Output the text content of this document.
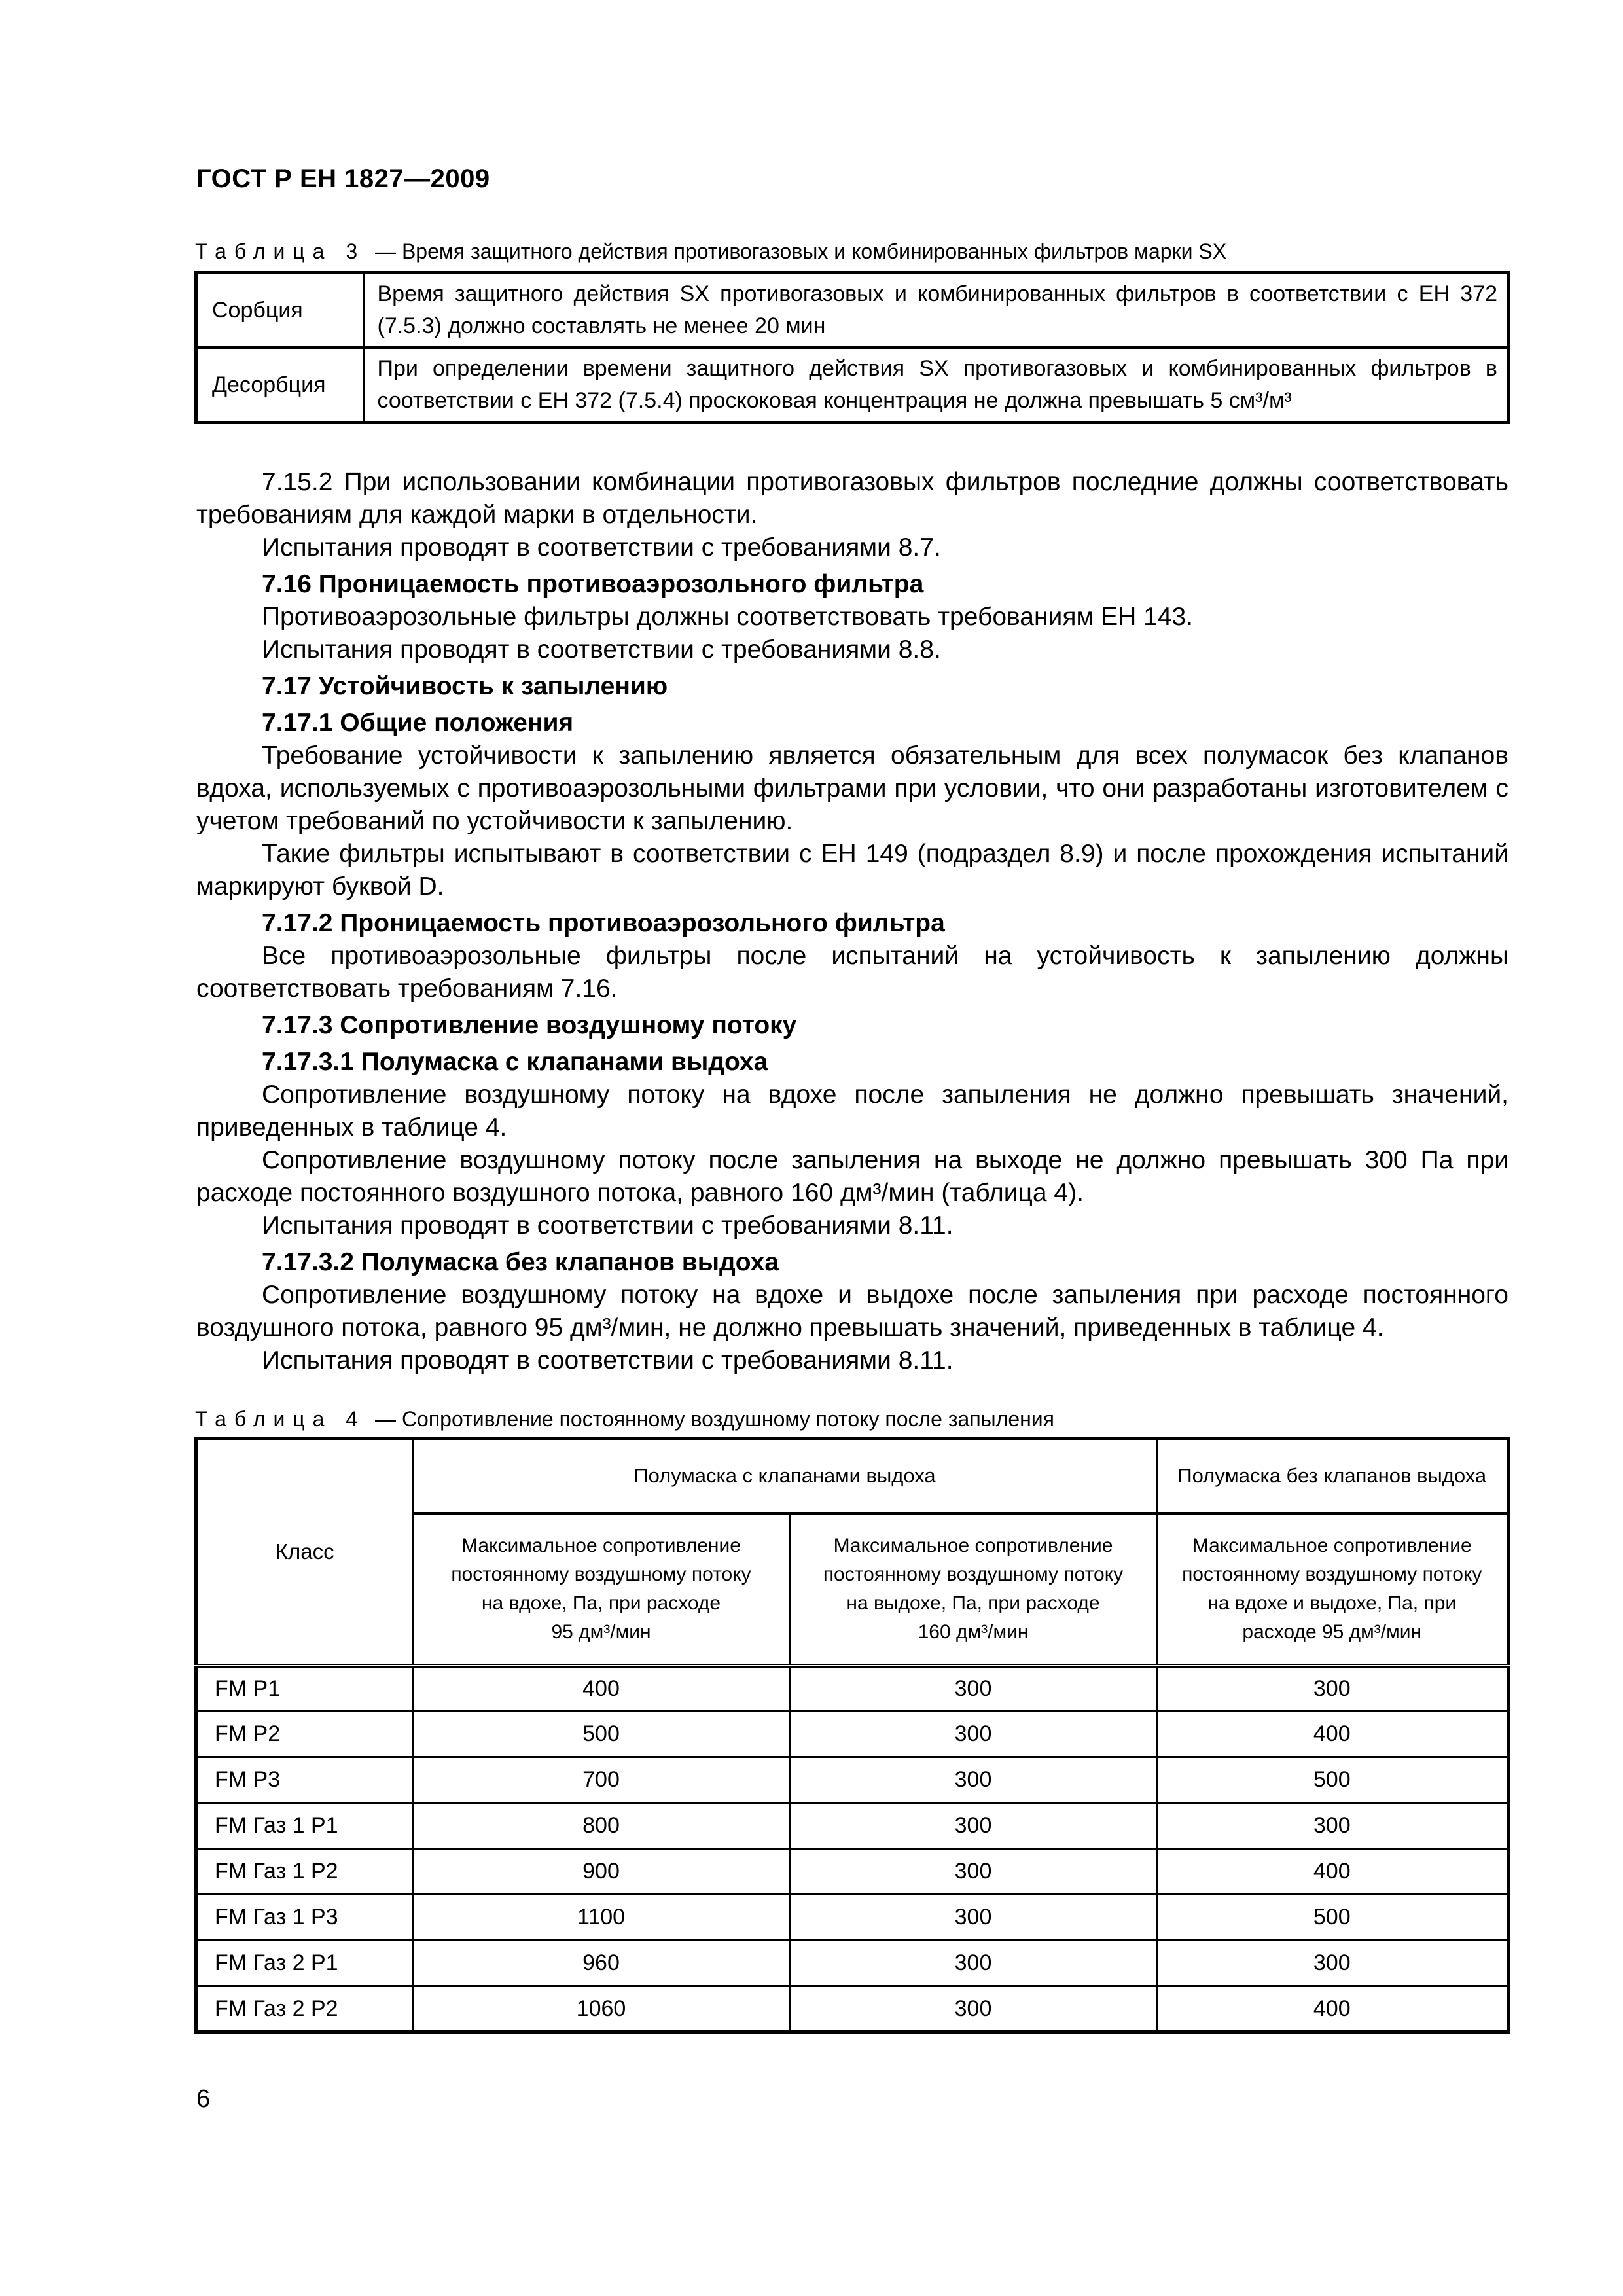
ГОСТ Р ЕН 1827—2009
Таблица 3 — Время защитного действия противогазовых и комбинированных фильтров марки SX
Сорбция	Время защитного действия SX противогазовых и комбинированных фильтров в соответствии с ЕН 372 (7.5.3) должно составлять не менее 20 мин
Десорбция	При определении времени защитного действия SX противогазовых и комбинированных фильтров в соответствии с ЕН 372 (7.5.4) проскоковая концентрация не должна превышать 5 см³/м³

7.15.2 При использовании комбинации противогазовых фильтров последние должны соответствовать требованиям для каждой марки в отдельности.

Испытания проводят в соответствии с требованиями 8.7.

7.16 Проницаемость противоаэрозольного фильтра

Противоаэрозольные фильтры должны соответствовать требованиям ЕН 143.

Испытания проводят в соответствии с требованиями 8.8.

7.17 Устойчивость к запылению

7.17.1 Общие положения

Требование устойчивости к запылению является обязательным для всех полумасок без клапанов вдоха, используемых с противоаэрозольными фильтрами при условии, что они разработаны изготовителем с учетом требований по устойчивости к запылению.

Такие фильтры испытывают в соответствии с ЕН 149 (подраздел 8.9) и после прохождения испытаний маркируют буквой D.

7.17.2 Проницаемость противоаэрозольного фильтра

Все противоаэрозольные фильтры после испытаний на устойчивость к запылению должны соответствовать требованиям 7.16.

7.17.3 Сопротивление воздушному потоку

7.17.3.1 Полумаска с клапанами выдоха

Сопротивление воздушному потоку на вдохе после запыления не должно превышать значений, приведенных в таблице 4.

Сопротивление воздушному потоку после запыления на выходе не должно превышать 300 Па при расходе постоянного воздушного потока, равного 160 дм³/мин (таблица 4).

Испытания проводят в соответствии с требованиями 8.11.

7.17.3.2 Полумаска без клапанов выдоха

Сопротивление воздушному потоку на вдохе и выдохе после запыления при расходе постоянного воздушного потока, равного 95 дм³/мин, не должно превышать значений, приведенных в таблице 4.

Испытания проводят в соответствии с требованиями 8.11.

Таблица 4 — Сопротивление постоянному воздушному потоку после запыления
Класс	Полумаска с клапанами выдоха		Полумаска без клапанов выдоха

Максимальное сопротивление
постоянному воздушному потоку
на вдохе, Па, при расходе
95 дм³/мин

Максимальное сопротивление
постоянному воздушному потоку
на выдохе, Па, при расходе
160 дм³/мин

Максимальное сопротивление
постоянному воздушному потоку
на вдохе и выдохе, Па, при
расходе 95 дм³/мин

FM P1	400	300	300
FM P2	500	300	400
FM P3	700	300	500
FM Газ 1 P1	800	300	300
FM Газ 1 P2	900	300	400
FM Газ 1 P3	1100	300	500
FM Газ 2 P1	960	300	300
FM Газ 2 P2	1060	300	400
6
